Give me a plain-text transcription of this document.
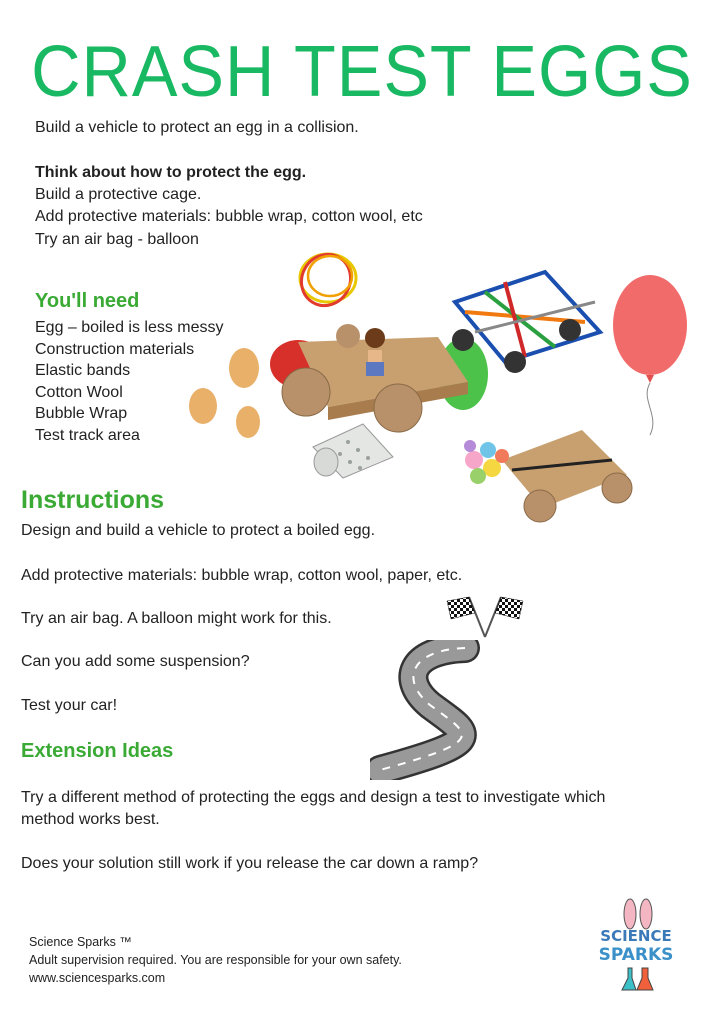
CRASH TEST EGGS
Build a vehicle to protect an egg in a collision.
Think about how to protect the egg.
Build a protective cage.
Add protective materials: bubble wrap, cotton wool, etc
Try an air bag - balloon
You'll need
Egg – boiled is less messy
Construction materials
Elastic bands
Cotton Wool
Bubble Wrap
Test track area
Instructions
Design and build a vehicle to protect a boiled egg.
Add protective materials: bubble wrap, cotton wool, paper, etc.
Try an air bag. A balloon might work for this.
Can you add some suspension?
Test your car!
Extension Ideas
Try a different method of protecting the eggs and design a test to investigate which
method works best.
Does your solution still work if you release the car down a ramp?
Science Sparks ™
Adult supervision required. You are responsible for your own safety.
www.sciencesparks.com
SCIENCE
SPARKS
